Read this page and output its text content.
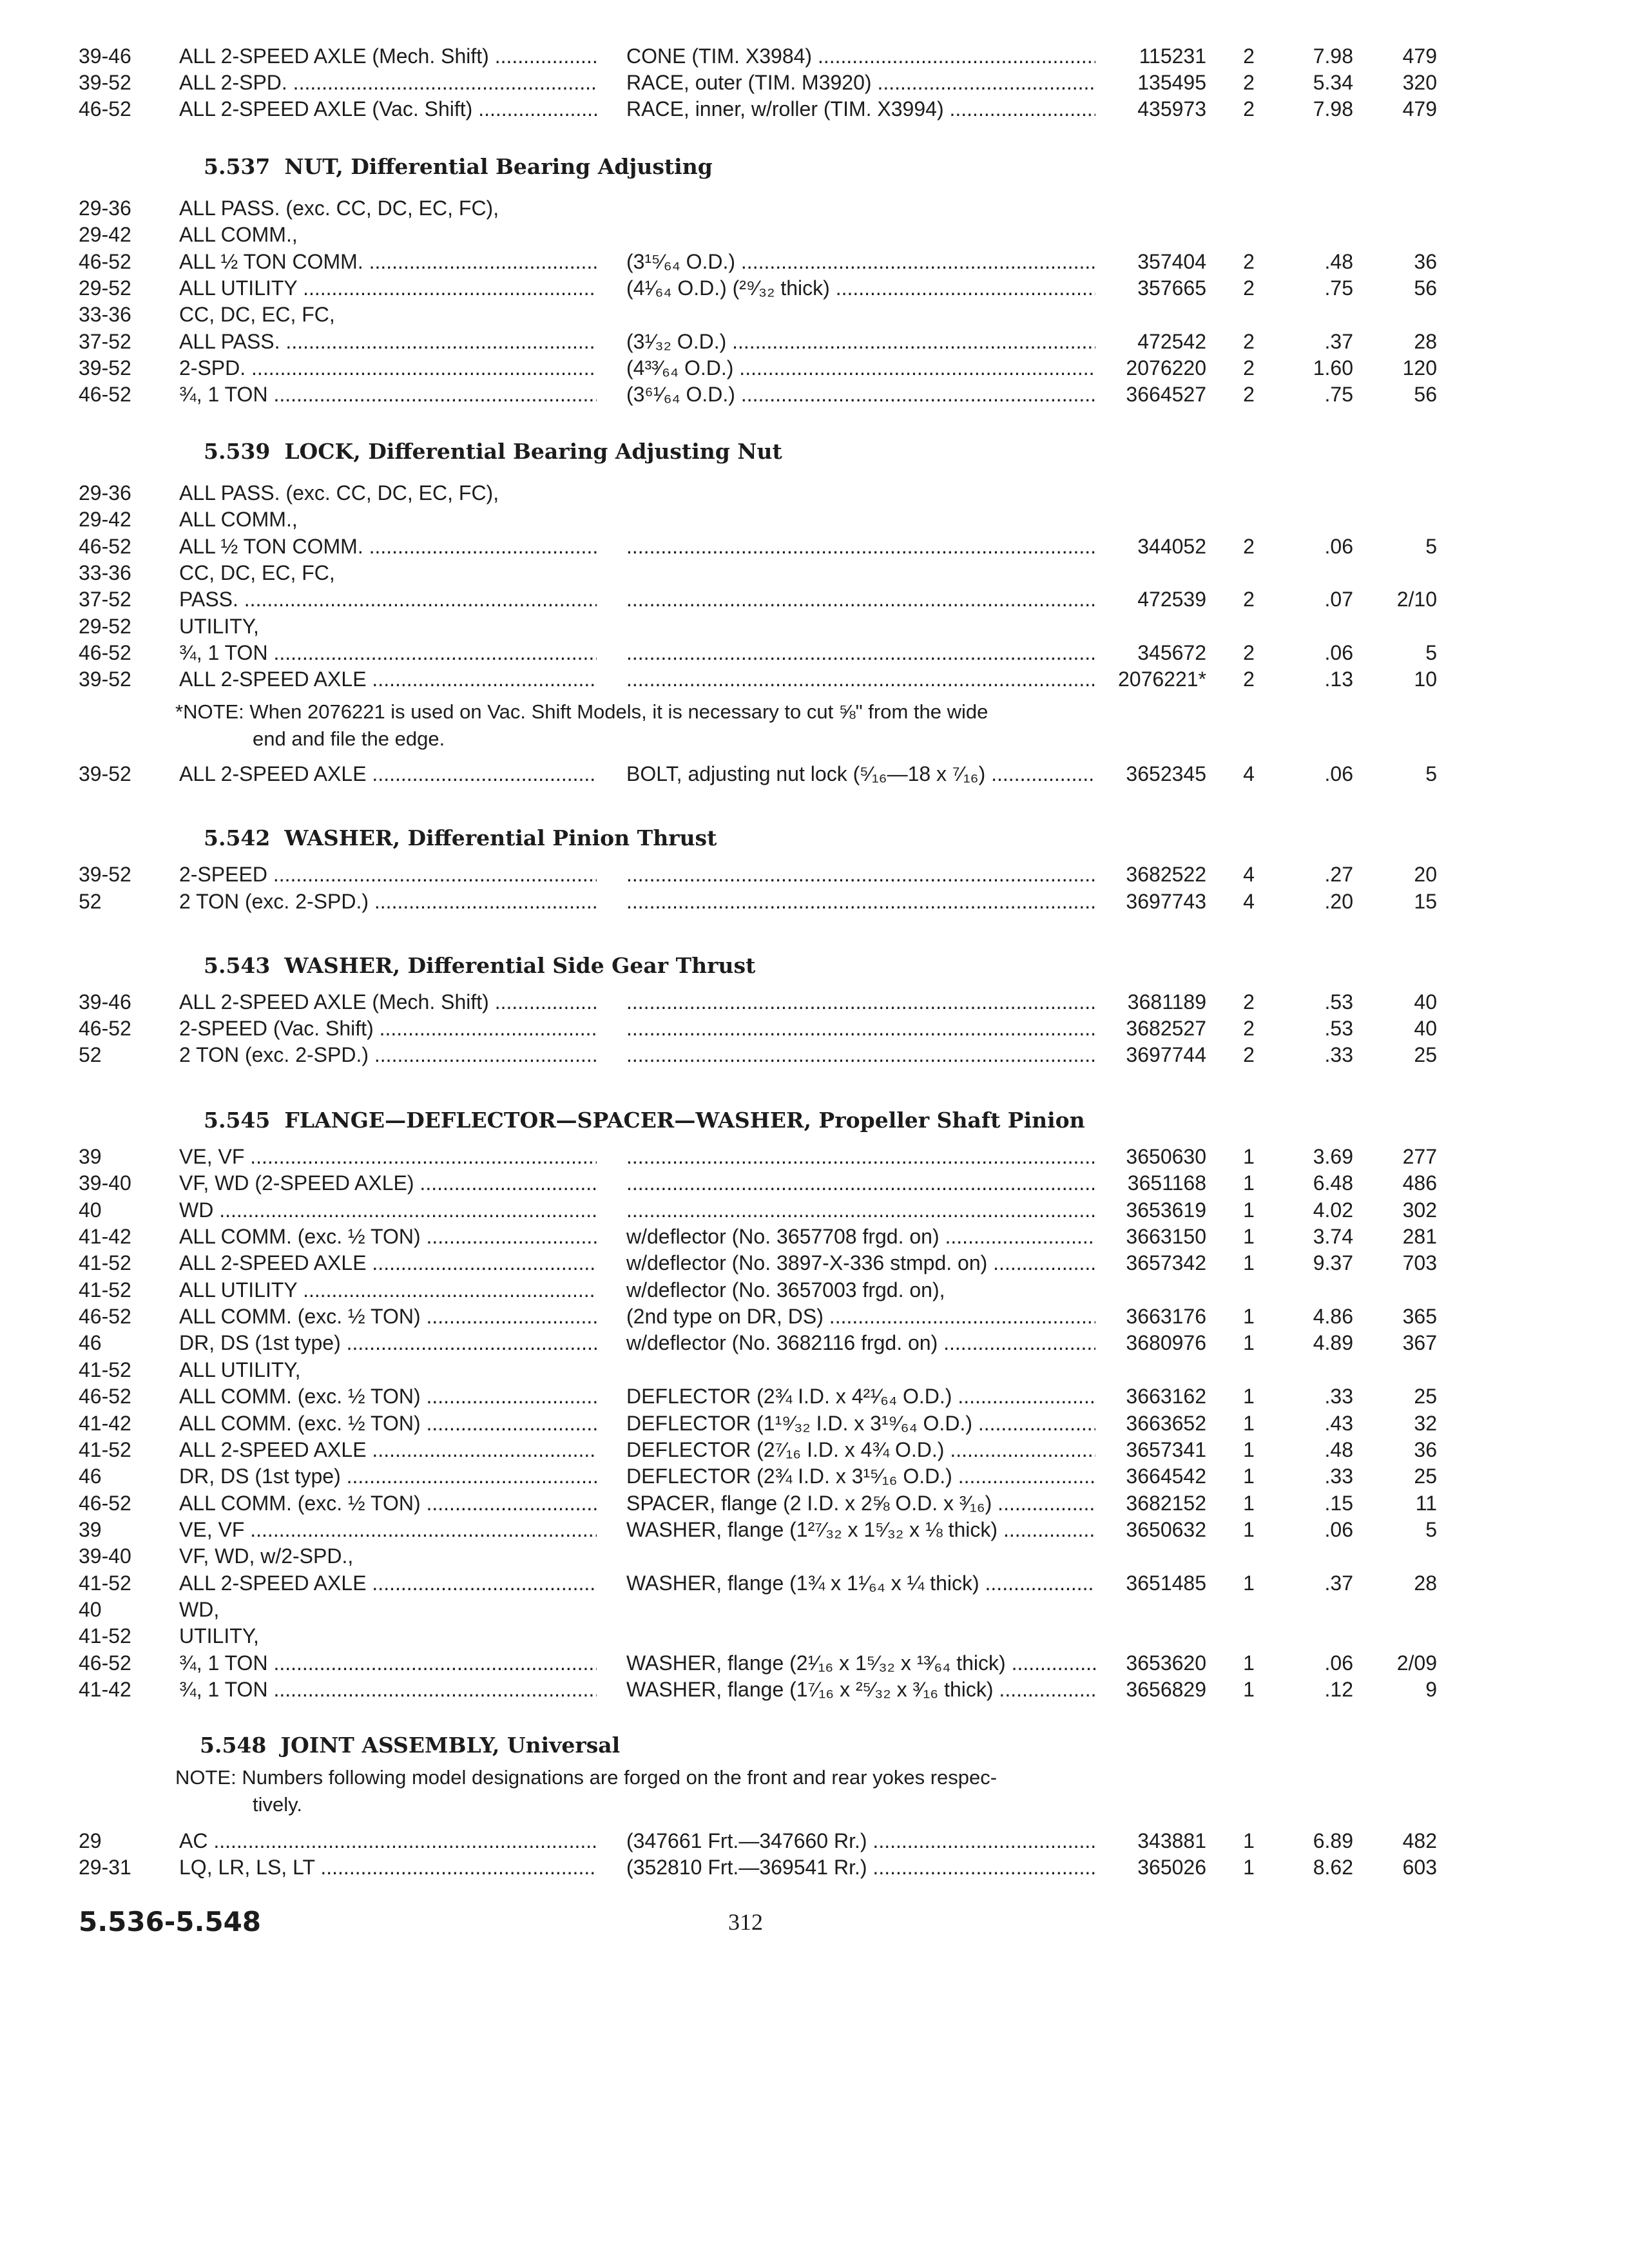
39-46	ALL 2-SPEED AXLE (Mech. Shift) .....	CONE (TIM. X3984) .....	115231	2	7.98	479
39-52	ALL 2-SPD. .....	RACE, outer (TIM. M3920) .....	135495	2	5.34	320
46-52	ALL 2-SPEED AXLE (Vac. Shift) .....	RACE, inner, w/roller (TIM. X3994) .....	435973	2	7.98	479
5.537 NUT, Differential Bearing Adjusting
29-36	ALL PASS. (exc. CC, DC, EC, FC),
29-42	ALL COMM.,
46-52	ALL ½ TON COMM. .....	(3¹⁵⁄₆₄ O.D.) .....	357404	2	.48	36
29-52	ALL UTILITY .....	(4¹⁄₆₄ O.D.) (²⁹⁄₃₂ thick) .....	357665	2	.75	56
33-36	CC, DC, EC, FC,
37-52	ALL PASS. .....	(3¹⁄₃₂ O.D.) .....	472542	2	.37	28
39-52	2-SPD. .....	(4³³⁄₆₄ O.D.) .....	2076220	2	1.60	120
46-52	¾, 1 TON .....	(3⁶¹⁄₆₄ O.D.) .....	3664527	2	.75	56
5.539 LOCK, Differential Bearing Adjusting Nut
29-36	ALL PASS. (exc. CC, DC, EC, FC),
29-42	ALL COMM.,
46-52	ALL ½ TON COMM. ..... .....	344052	2	.06	5
33-36	CC, DC, EC, FC,
37-52	PASS. ..... .....	472539	2	.07	2/10
29-52	UTILITY,
46-52	¾, 1 TON ..... .....	345672	2	.06	5
39-52	ALL 2-SPEED AXLE ..... .....	2076221*	2	.13	10
*NOTE: When 2076221 is used on Vac. Shift Models, it is necessary to cut ⅝" from the wide
end and file the edge.
39-52	ALL 2-SPEED AXLE .....	BOLT, adjusting nut lock (⁵⁄₁₆—18 x ⁷⁄₁₆) .....	3652345	4	.06	5
5.542 WASHER, Differential Pinion Thrust
39-52	2-SPEED ..... .....	3682522	4	.27	20
52	2 TON (exc. 2-SPD.) ..... .....	3697743	4	.20	15
5.543 WASHER, Differential Side Gear Thrust
39-46	ALL 2-SPEED AXLE (Mech. Shift) ..... .....	3681189	2	.53	40
46-52	2-SPEED (Vac. Shift) ..... .....	3682527	2	.53	40
52	2 TON (exc. 2-SPD.) ..... .....	3697744	2	.33	25
5.545 FLANGE—DEFLECTOR—SPACER—WASHER, Propeller Shaft Pinion
39	VE, VF ..... .....	3650630	1	3.69	277
39-40	VF, WD (2-SPEED AXLE) ..... .....	3651168	1	6.48	486
40	WD ..... .....	3653619	1	4.02	302
41-42	ALL COMM. (exc. ½ TON) .....	w/deflector (No. 3657708 frgd. on) .....	3663150	1	3.74	281
41-52	ALL 2-SPEED AXLE .....	w/deflector (No. 3897-X-336 stmpd. on) .....	3657342	1	9.37	703
41-52	ALL UTILITY .....	w/deflector (No. 3657003 frgd. on),
46-52	ALL COMM. (exc. ½ TON) .....	(2nd type on DR, DS) .....	3663176	1	4.86	365
46	DR, DS (1st type) .....	w/deflector (No. 3682116 frgd. on) .....	3680976	1	4.89	367
41-52	ALL UTILITY,
46-52	ALL COMM. (exc. ½ TON) .....	DEFLECTOR (2¾ I.D. x 4²¹⁄₆₄ O.D.) .....	3663162	1	.33	25
41-42	ALL COMM. (exc. ½ TON) .....	DEFLECTOR (1¹⁹⁄₃₂ I.D. x 3¹⁹⁄₆₄ O.D.) .....	3663652	1	.43	32
41-52	ALL 2-SPEED AXLE .....	DEFLECTOR (2⁷⁄₁₆ I.D. x 4¾ O.D.) .....	3657341	1	.48	36
46	DR, DS (1st type) .....	DEFLECTOR (2¾ I.D. x 3¹⁵⁄₁₆ O.D.) .....	3664542	1	.33	25
46-52	ALL COMM. (exc. ½ TON) .....	SPACER, flange (2 I.D. x 2⅝ O.D. x ³⁄₁₆) .....	3682152	1	.15	11
39	VE, VF .....	WASHER, flange (1²⁷⁄₃₂ x 1⁵⁄₃₂ x ⅛ thick) .....	3650632	1	.06	5
39-40	VF, WD, w/2-SPD.,
41-52	ALL 2-SPEED AXLE .....	WASHER, flange (1¾ x 1¹⁄₆₄ x ¼ thick) .....	3651485	1	.37	28
40	WD,
41-52	UTILITY,
46-52	¾, 1 TON .....	WASHER, flange (2¹⁄₁₆ x 1⁵⁄₃₂ x ¹³⁄₆₄ thick) .....	3653620	1	.06	2/09
41-42	¾, 1 TON .....	WASHER, flange (1⁷⁄₁₆ x ²⁵⁄₃₂ x ³⁄₁₆ thick) .....	3656829	1	.12	9
5.548 JOINT ASSEMBLY, Universal
NOTE: Numbers following model designations are forged on the front and rear yokes respec-
tively.
29	AC .....	(347661 Frt.—347660 Rr.) .....	343881	1	6.89	482
29-31	LQ, LR, LS, LT .....	(352810 Frt.—369541 Rr.) .....	365026	1	8.62	603
5.536-5.548	312
